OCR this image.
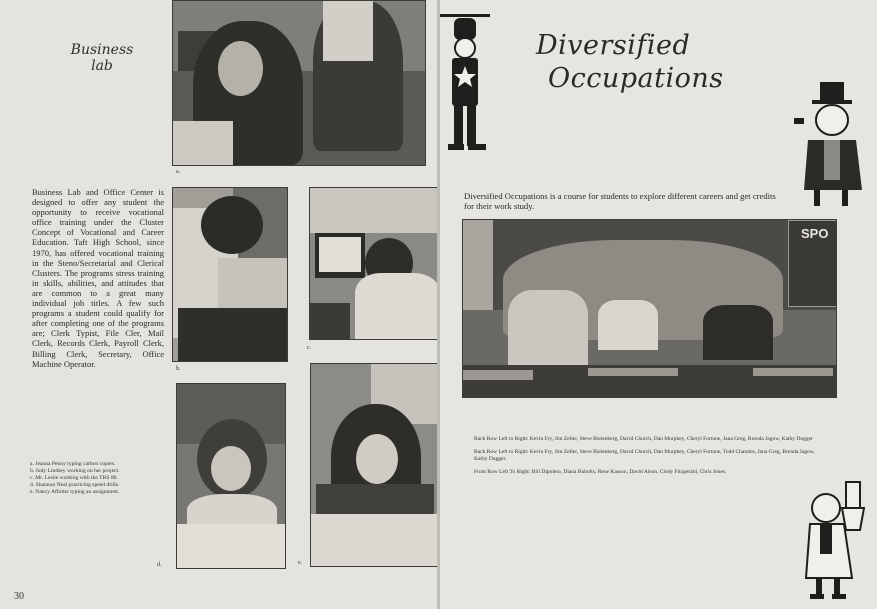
Business
lab
a.
Business Lab and Office Center is designed to offer any student the opportunity to receive vocational office training under the Cluster Concept of Vocational and Career Education. Taft High School, since 1970, has offered vocational training in the Steno/Secretarial and Clerical Clusters. The programs stress training in skills, abilities, and attitudes that are common to a great many individual job titles. A few such programs a student could qualify for after completing one of the programs are; Clerk Typist, File Cler, Mail Clerk, Records Clerk, Payroll Clerk, Billing Clerk, Secretary, Office Machine Operator.
b.
c.
d.	e.
a. Jeanna Penny typing carbon copies.
b. Judy Lindsey working on her project.
c. Mr. Leslie working with the TRS 80.
d. Shannon Neal practicing speed drills.
e. Nancy Affolter typing an assignment.
30
Diversified
Occupations
Diversified Occupations is a course for students to explore different careers and get credits for their work study.
SPO

Back Row Left to Right: Kevin Fry, Jim Zeller, Steve Bielenberg, David Church, Dan Murphey, Cheryl Fortune, Jana Greg, Brenda Jagow, Kathy Dugger

Back Row Left to Right: Kevin Fry, Jim Zeller, Steve Bielenberg, David Church, Dan Murphey, Cheryl Fortune, Todd Chandos, Jana Greg, Brenda Jagow, Kathy Dugger.

Front Row Left To Right: Bill Dipoleto, Diana Bubolts, Rene Kasson, David Alson, Cindy Fitzgerald, Chris Jones.
